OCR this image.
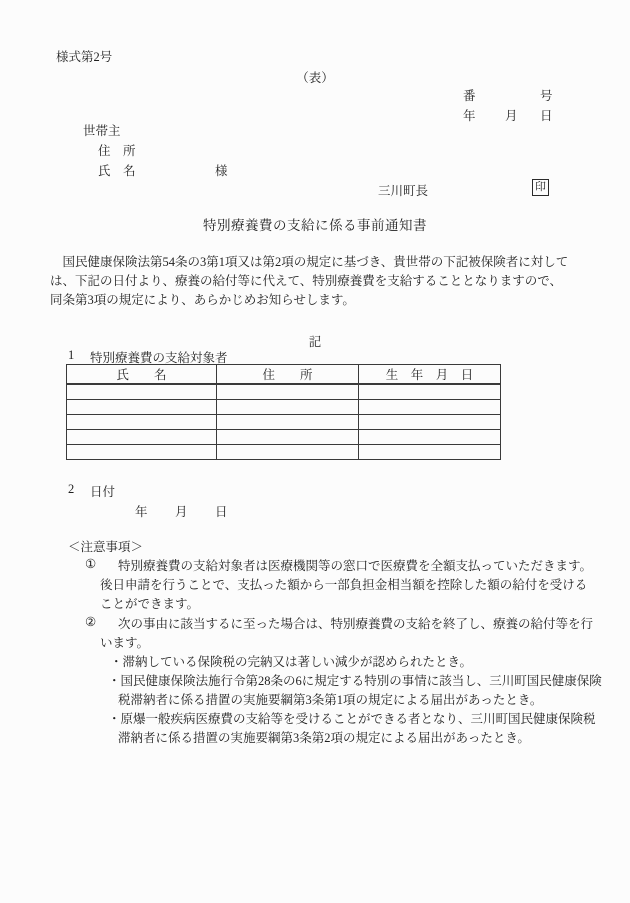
様式第2号
（表）
番	号
年 月 日
世帯主
住　所
氏　名	様
三川町長	印
特別療養費の支給に係る事前通知書
　国民健康保険法第54条の3第1項又は第2項の規定に基づき、貴世帯の下記被保険者に対して
は、下記の日付より、療養の給付等に代えて、特別療養費を支給することとなりますので、
同条第3項の規定により、あらかじめお知らせします。
記
1 特別療養費の支給対象者
氏　　名	住　　所	生　年　月　日

2 日付
年 月 日
＜注意事項＞
① 特別療養費の支給対象者は医療機関等の窓口で医療費を全額支払っていただきます。
後日申請を行うことで、支払った額から一部負担金相当額を控除した額の給付を受ける
ことができます。
② 次の事由に該当するに至った場合は、特別療養費の支給を終了し、療養の給付等を行
います。
・滞納している保険税の完納又は著しい減少が認められたとき。
・国民健康保険法施行令第28条の6に規定する特別の事情に該当し、三川町国民健康保険
税滞納者に係る措置の実施要綱第3条第1項の規定による届出があったとき。
・原爆一般疾病医療費の支給等を受けることができる者となり、三川町国民健康保険税
滞納者に係る措置の実施要綱第3条第2項の規定による届出があったとき。
